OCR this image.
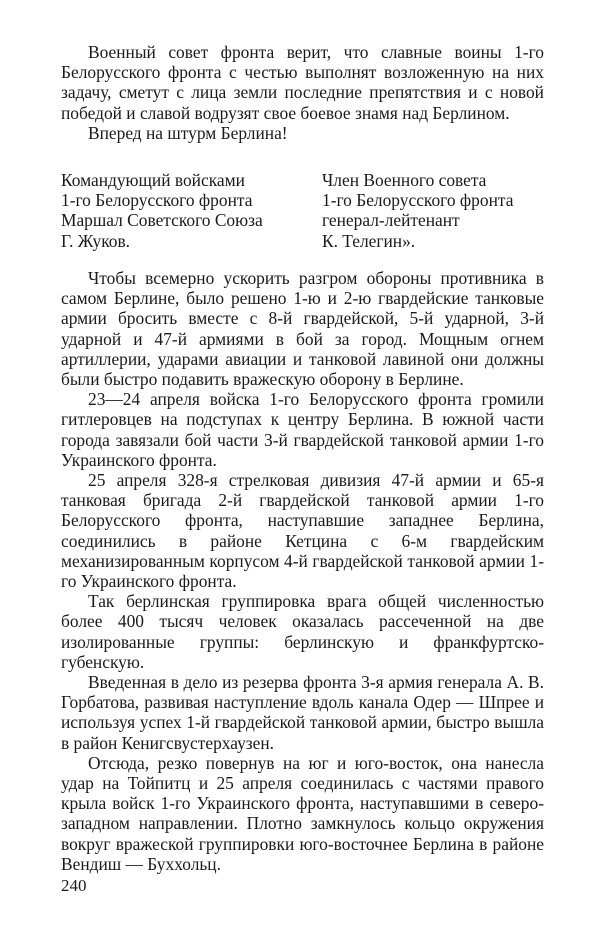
Военный совет фронта верит, что славные воины 1-го Белорусского фронта с честью выполнят возложенную на них задачу, сметут с лица земли последние препятствия и с новой победой и славой водрузят свое боевое знамя над Берлином.

Вперед на штурм Берлина!

Командующий войсками
1-го Белорусского фронта
Маршал Советского Союза
Г. Жуков.
Член Военного совета
1-го Белорусского фронта
генерал-лейтенант
К. Телегин».

Чтобы всемерно ускорить разгром обороны противника в самом Берлине, было решено 1-ю и 2-ю гвардейские танковые армии бросить вместе с 8-й гвардейской, 5-й ударной, 3-й ударной и 47-й армиями в бой за город. Мощным огнем артиллерии, ударами авиации и танковой лавиной они должны были быстро подавить вражескую оборону в Берлине.

23—24 апреля войска 1-го Белорусского фронта громили гитлеровцев на подступах к центру Берлина. В южной части города завязали бой части 3-й гвардейской танковой армии 1-го Украинского фронта.

25 апреля 328-я стрелковая дивизия 47-й армии и 65-я танковая бригада 2-й гвардейской танковой армии 1-го Белорусского фронта, наступавшие западнее Берлина, соединились в районе Кетцина с 6-м гвардейским механизированным корпусом 4-й гвардейской танковой армии 1-го Украинского фронта.

Так берлинская группировка врага общей численностью более 400 тысяч человек оказалась рассеченной на две изолированные группы: берлинскую и франкфуртско-губенскую.

Введенная в дело из резерва фронта 3-я армия генерала А. В. Горбатова, развивая наступление вдоль канала Одер — Шпрее и используя успех 1-й гвардейской танковой армии, быстро вышла в район Кенигсвустерхаузен.

Отсюда, резко повернув на юг и юго-восток, она нанесла удар на Тойпитц и 25 апреля соединилась с частями правого крыла войск 1-го Украинского фронта, наступавшими в северо-западном направлении. Плотно замкнулось кольцо окружения вокруг вражеской группировки юго-восточнее Берлина в районе Вендиш — Буххольц.

240
